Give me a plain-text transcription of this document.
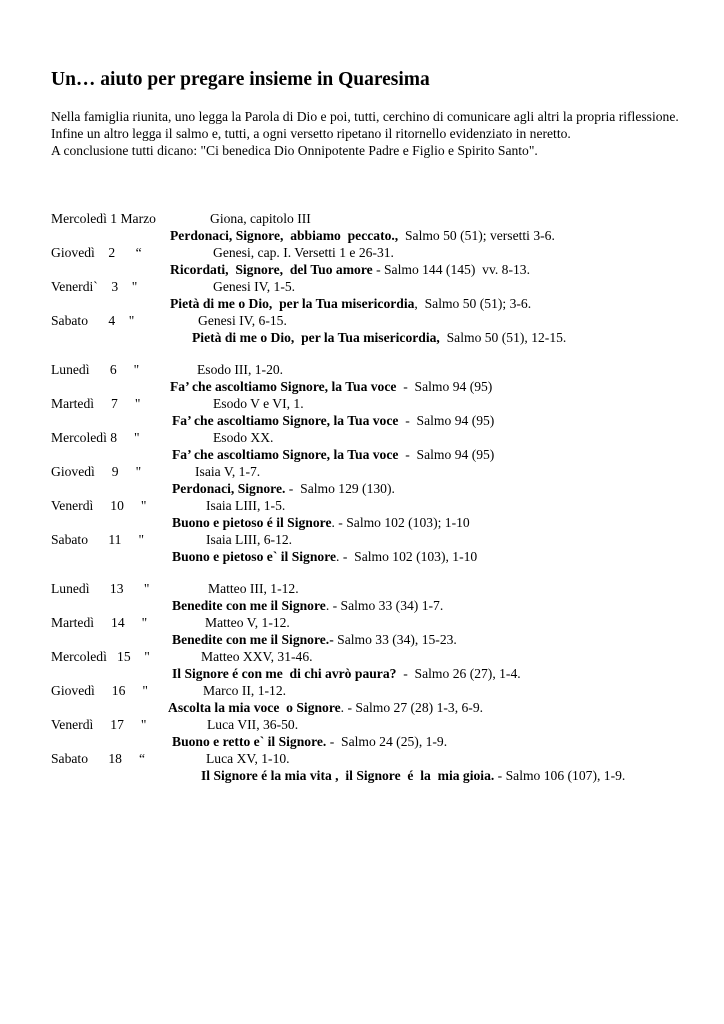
Un… aiuto per pregare insieme in Quaresima

Nella famiglia riunita, uno legga la Parola di Dio e poi, tutti, cerchino di comunicare agli altri la propria riflessione.

Infine un altro legga il salmo e, tutti, a ogni versetto ripetano il ritornello evidenziato in neretto.

A conclusione tutti dicano: "Ci benedica Dio Onnipotente Padre e Figlio e Spirito Santo".

Mercoledì 1 Marzo	Giona, capitolo III
Perdonaci, Signore,  abbiamo  peccato.,  Salmo 50 (51); versetti 3-6.
Giovedì    2      “	Genesi, cap. I. Versetti 1 e 26-31.
Ricordati,  Signore,  del Tuo amore - Salmo 144 (145)  vv. 8-13.
Venerdi`    3    "	Genesi IV, 1-5.
Pietà di me o Dio,  per la Tua misericordia,  Salmo 50 (51); 3-6.
Sabato      4    "	Genesi IV, 6-15.
Pietà di me o Dio,  per la Tua misericordia,  Salmo 50 (51), 12-15.
Lunedì      6     "	Esodo III, 1-20.
Fa’ che ascoltiamo Signore, la Tua voce  -  Salmo 94 (95)
Martedì     7     "	Esodo V e VI, 1.
Fa’ che ascoltiamo Signore, la Tua voce  -  Salmo 94 (95)
Mercoledì 8     "	Esodo XX.
Fa’ che ascoltiamo Signore, la Tua voce  -  Salmo 94 (95)
Giovedì     9     "	Isaia V, 1-7.
Perdonaci, Signore. -  Salmo 129 (130).
Venerdì     10     "	Isaia LIII, 1-5.
Buono e pietoso é il Signore. - Salmo 102 (103); 1-10
Sabato      11     "	Isaia LIII, 6-12.
Buono e pietoso e` il Signore. -  Salmo 102 (103), 1-10
Lunedì      13      "	Matteo III, 1-12.
Benedite con me il Signore. - Salmo 33 (34) 1-7.
Martedì     14     "	Matteo V, 1-12.
Benedite con me il Signore.- Salmo 33 (34), 15-23.
Mercoledì   15    "	Matteo XXV, 31-46.
Il Signore é con me  di chi avrò paura?  -  Salmo 26 (27), 1-4.
Giovedì     16     "	Marco II, 1-12.
Ascolta la mia voce  o Signore. - Salmo 27 (28) 1-3, 6-9.
Venerdì     17     "	Luca VII, 36-50.
Buono e retto e` il Signore. -  Salmo 24 (25), 1-9.
Sabato      18     “	Luca XV, 1-10.
Il Signore é la mia vita ,  il Signore  é  la  mia gioia. - Salmo 106 (107), 1-9.
